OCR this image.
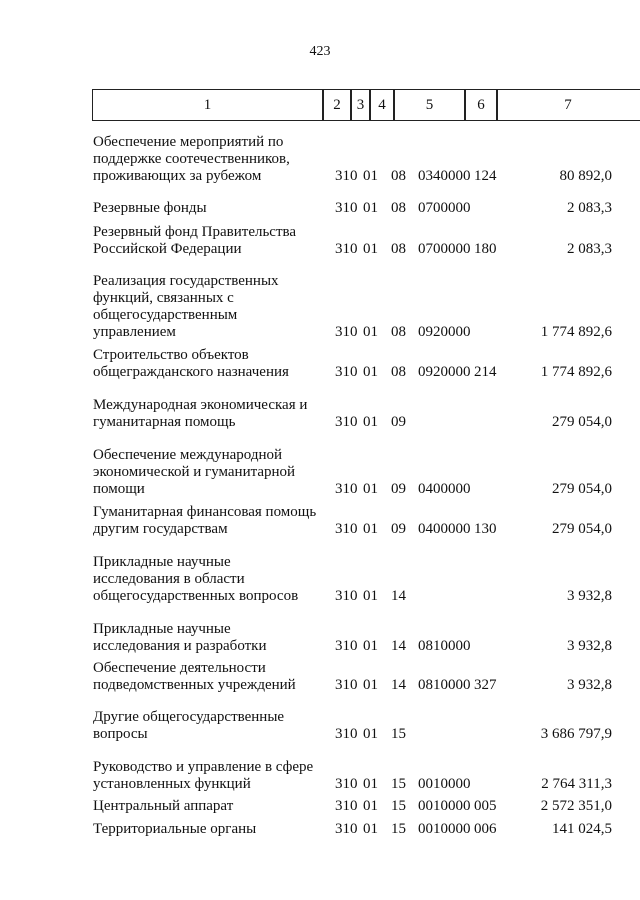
423
1	2	3 4	5	6	7
Обеспечение мероприятий по
поддержке соотечественников,
проживающих за рубежом	310 01 08 0340000 124	80 892,0
Резервные фонды	310 01 08 0700000	2 083,3
Резервный фонд Правительства
Российской Федерации	310 01 08 0700000 180	2 083,3
Реализация государственных
функций, связанных с
общегосударственным
управлением	310 01 08 0920000	1 774 892,6
Строительство объектов
общегражданского назначения	310 01 08 0920000 214	1 774 892,6
Международная экономическая и
гуманитарная помощь	310 01 09	279 054,0
Обеспечение международной
экономической и гуманитарной
помощи	310 01 09 0400000	279 054,0
Гуманитарная финансовая помощь
другим государствам	310 01 09 0400000 130	279 054,0
Прикладные научные
исследования в области
общегосударственных вопросов	310 01 14	3 932,8
Прикладные научные
исследования и разработки	310 01 14 0810000	3 932,8
Обеспечение деятельности
подведомственных учреждений	310 01 14 0810000 327	3 932,8
Другие общегосударственные
вопросы	310 01 15	3 686 797,9
Руководство и управление в сфере
установленных функций	310 01 15 0010000	2 764 311,3
Центральный аппарат	310 01 15 0010000 005	2 572 351,0
Территориальные органы	310 01 15 0010000 006	141 024,5
